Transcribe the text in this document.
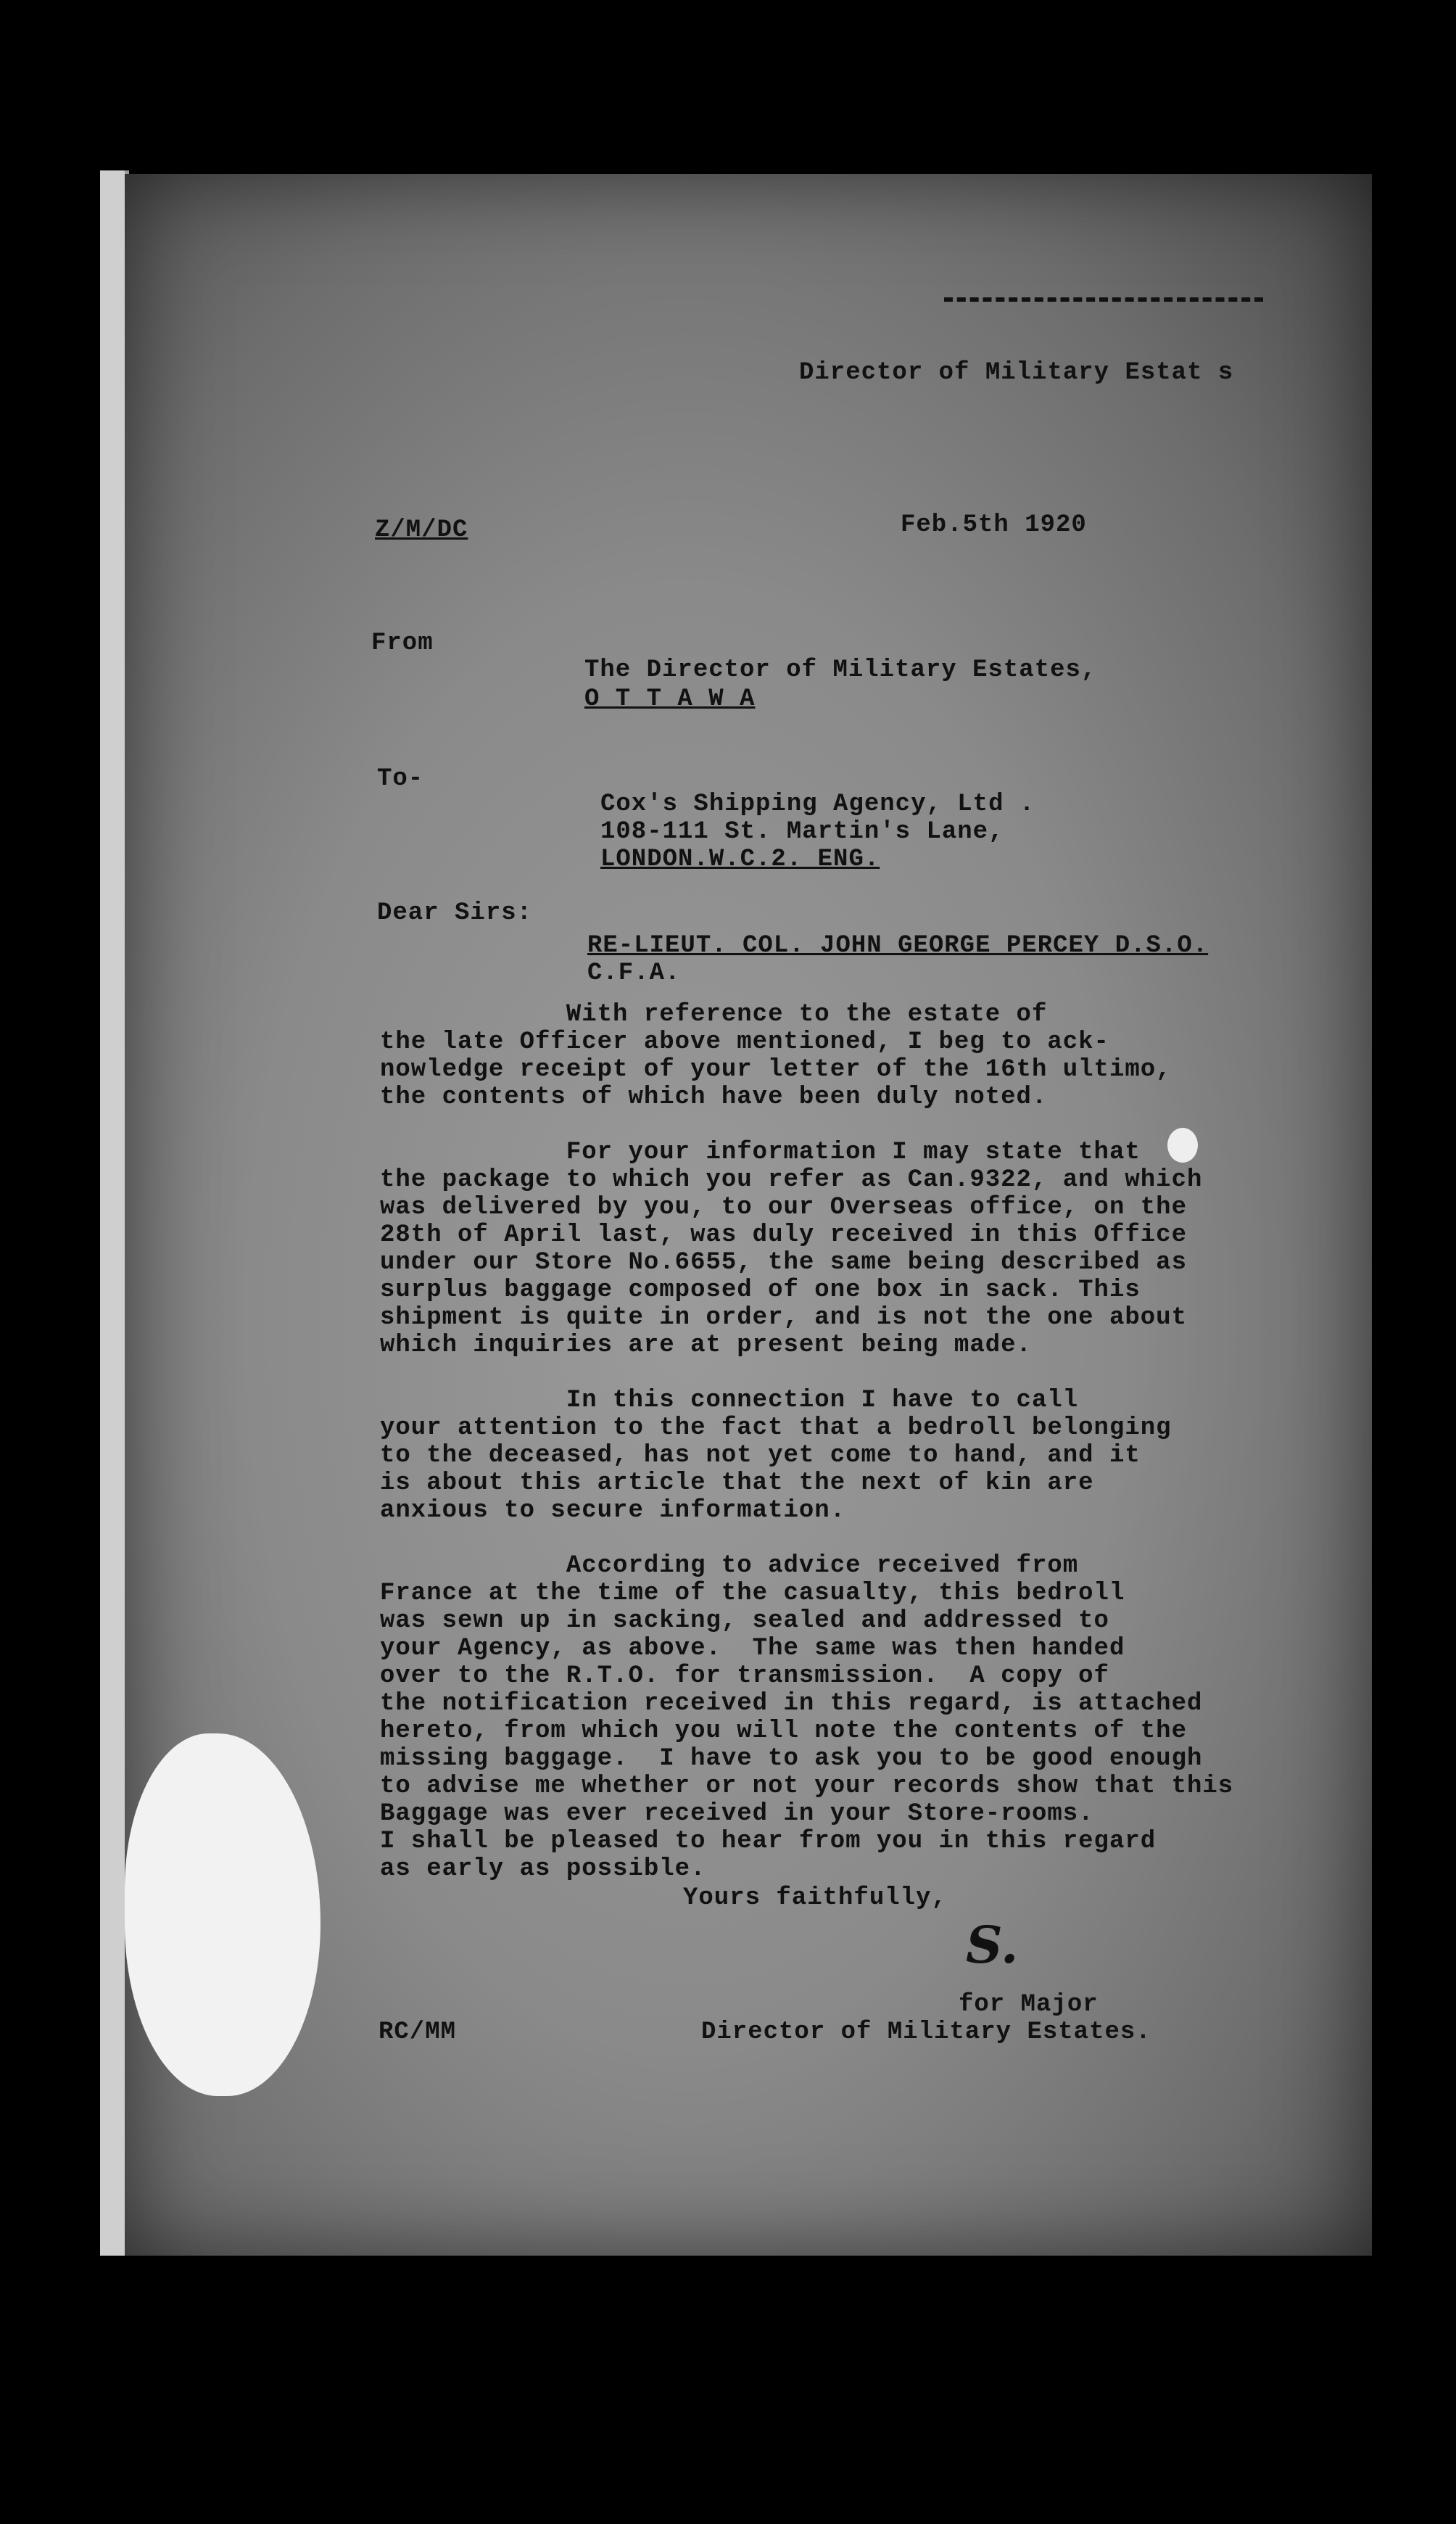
Director of Military Estat s
Z/M/DC	Feb.5th 1920
From
The Director of Military Estates,
O T T A W A
To-
Cox's Shipping Agency, Ltd .
108-111 St. Martin's Lane,
LONDON.W.C.2. ENG.
Dear Sirs:
RE-LIEUT. COL. JOHN GEORGE PERCEY D.S.O.
C.F.A.
With reference to the estate of
the late Officer above mentioned, I beg to ack-
nowledge receipt of your letter of the 16th ultimo,
the contents of which have been duly noted.
For your information I may state that
the package to which you refer as Can.9322, and which
was delivered by you, to our Overseas office, on the
28th of April last, was duly received in this Office
under our Store No.6655, the same being described as
surplus baggage composed of one box in sack. This
shipment is quite in order, and is not the one about
which inquiries are at present being made.
In this connection I have to call
your attention to the fact that a bedroll belonging
to the deceased, has not yet come to hand, and it
is about this article that the next of kin are
anxious to secure information.
According to advice received from
France at the time of the casualty, this bedroll
was sewn up in sacking, sealed and addressed to
your Agency, as above.  The same was then handed
over to the R.T.O. for transmission.  A copy of
the notification received in this regard, is attached
hereto, from which you will note the contents of the
missing baggage.  I have to ask you to be good enough
to advise me whether or not your records show that this
Baggage was ever received in your Store-rooms.
I shall be pleased to hear from you in this regard
as early as possible.
Yours faithfully,
S.
for Major
Director of Military Estates.
RC/MM
